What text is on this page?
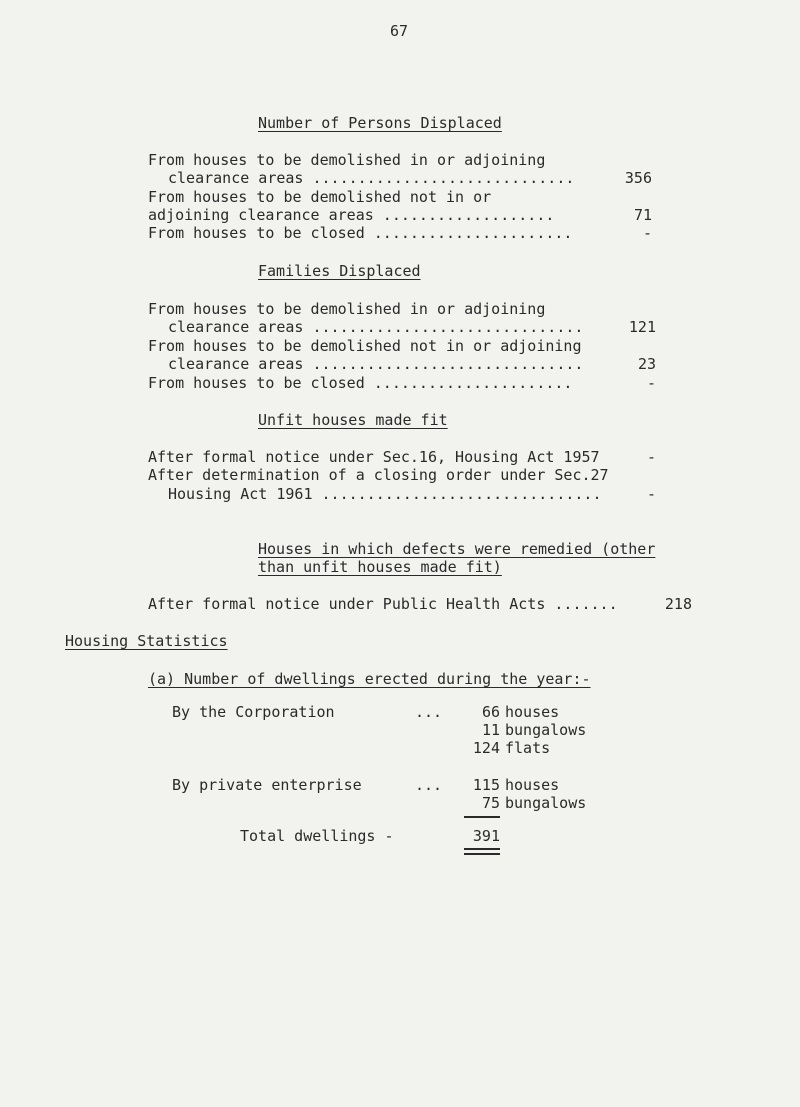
67
Number of Persons Displaced
From houses to be demolished in or adjoining
clearance areas .............................	356
From houses to be demolished not in or
adjoining clearance areas ...................	71
From houses to be closed ......................	-
Families Displaced
From houses to be demolished in or adjoining
clearance areas ..............................	121
From houses to be demolished not in or adjoining
clearance areas ..............................	23
From houses to be closed ......................	-
Unfit houses made fit
After formal notice under Sec.16, Housing Act 1957	-
After determination of a closing order under Sec.27
Housing Act 1961 ...............................	-
Houses in which defects were remedied (other
than unfit houses made fit)
After formal notice under Public Health Acts .......	218
Housing Statistics
(a) Number of dwellings erected during the year:-
By the Corporation	...	66 houses
11 bungalows
124 flats
By private enterprise	...	115 houses
75 bungalows
Total dwellings -	391
